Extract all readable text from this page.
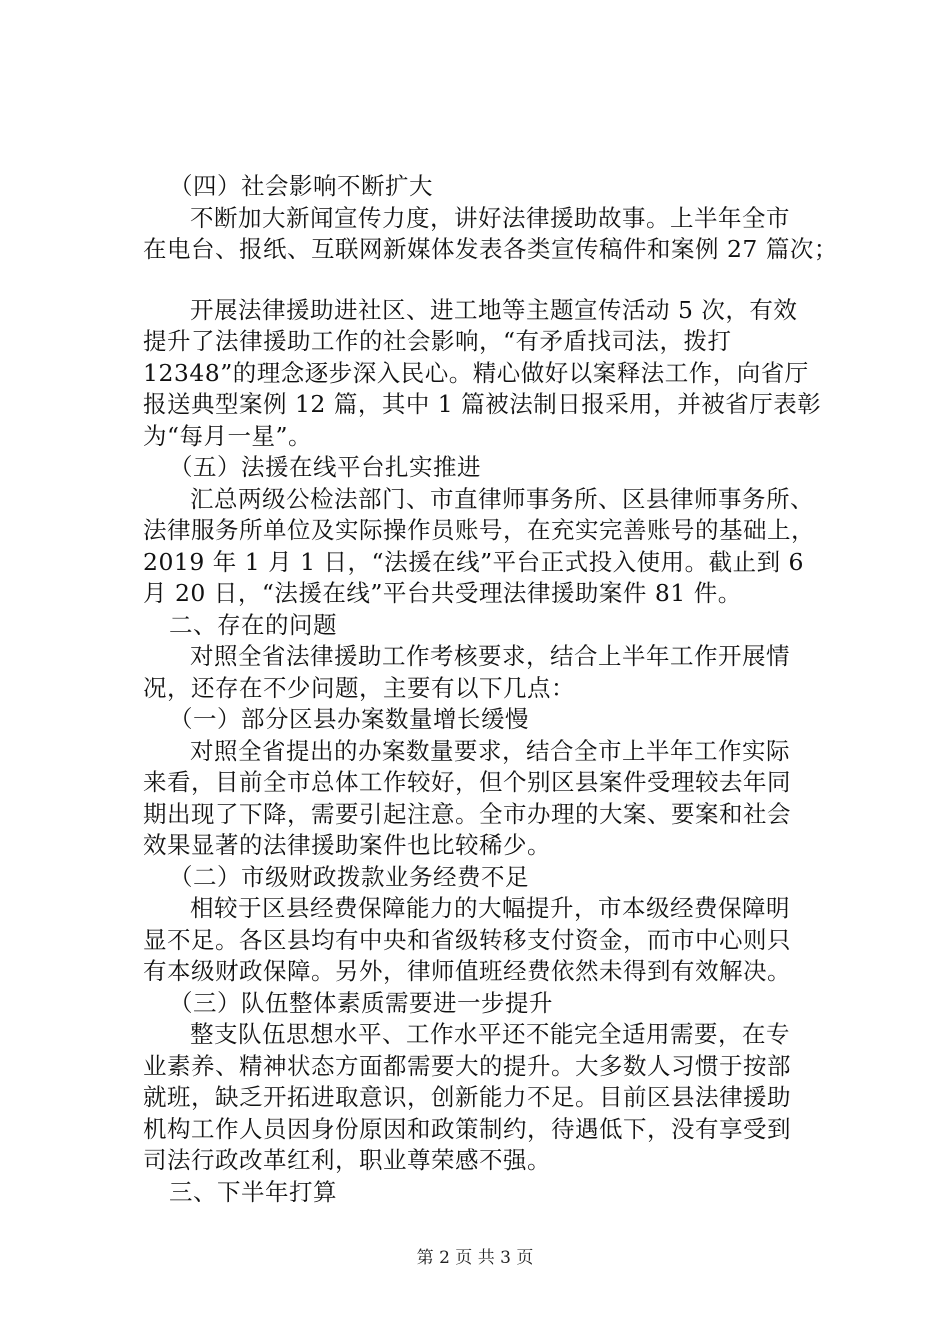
（四）社会影响不断扩大
不断加大新闻宣传力度，讲好法律援助故事。上半年全市
在电台、报纸、互联网新媒体发表各类宣传稿件和案例 27 篇次；
开展法律援助进社区、进工地等主题宣传活动 5 次，有效
提升了法律援助工作的社会影响，“有矛盾找司法，拨打
12348”的理念逐步深入民心。精心做好以案释法工作，向省厅
报送典型案例 12 篇，其中 1 篇被法制日报采用，并被省厅表彰
为“每月一星”。
（五）法援在线平台扎实推进
汇总两级公检法部门、市直律师事务所、区县律师事务所、
法律服务所单位及实际操作员账号，在充实完善账号的基础上，
2019 年 1 月 1 日，“法援在线”平台正式投入使用。截止到 6
月 20 日，“法援在线”平台共受理法律援助案件 81 件。
二、存在的问题
对照全省法律援助工作考核要求，结合上半年工作开展情
况，还存在不少问题，主要有以下几点：
（一）部分区县办案数量增长缓慢
对照全省提出的办案数量要求，结合全市上半年工作实际
来看，目前全市总体工作较好，但个别区县案件受理较去年同
期出现了下降，需要引起注意。全市办理的大案、要案和社会
效果显著的法律援助案件也比较稀少。
（二）市级财政拨款业务经费不足
相较于区县经费保障能力的大幅提升，市本级经费保障明
显不足。各区县均有中央和省级转移支付资金，而市中心则只
有本级财政保障。另外，律师值班经费依然未得到有效解决。
（三）队伍整体素质需要进一步提升
整支队伍思想水平、工作水平还不能完全适用需要，在专
业素养、精神状态方面都需要大的提升。大多数人习惯于按部
就班，缺乏开拓进取意识，创新能力不足。目前区县法律援助
机构工作人员因身份原因和政策制约，待遇低下，没有享受到
司法行政改革红利，职业尊荣感不强。
三、下半年打算
第 2 页 共 3 页
